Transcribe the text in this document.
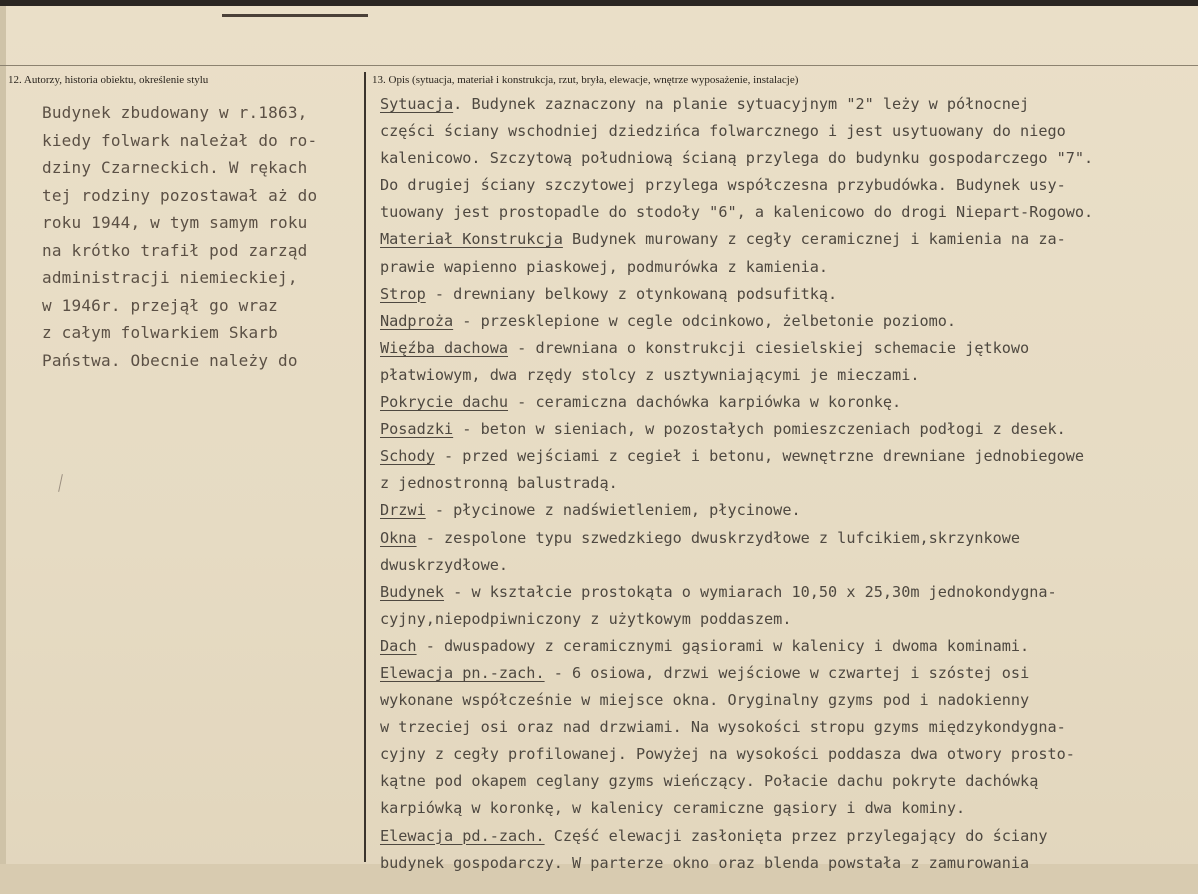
12. Autorzy, historia obiektu, określenie stylu	13. Opis (sytuacja, materiał i konstrukcja, rzut, bryła, elewacje, wnętrze wyposażenie, instalacje)
Budynek zbudowany w r.1863,
kiedy folwark należał do ro-
dziny Czarneckich. W rękach
tej rodziny pozostawał aż do
roku 1944, w tym samym roku
na krótko trafił pod zarząd
administracji niemieckiej,
w 1946r. przejął go wraz
z całym folwarkiem Skarb
Państwa. Obecnie należy do
Sytuacja. Budynek zaznaczony na planie sytuacyjnym "2" leży w północnej
części ściany wschodniej dziedzińca folwarcznego i jest usytuowany do niego
kalenicowo. Szczytową południową ścianą przylega do budynku gospodarczego "7".
Do drugiej ściany szczytowej przylega współczesna przybudówka. Budynek usy-
tuowany jest prostopadle do stodoły "6", a kalenicowo do drogi Niepart-Rogowo.
Materiał Konstrukcja Budynek murowany z cegły ceramicznej i kamienia na za-
prawie wapienno piaskowej, podmurówka z kamienia.
Strop - drewniany belkowy z otynkowaną podsufitką.
Nadproża - przesklepione w cegle odcinkowo, żelbetonie poziomo.
Więźba dachowa - drewniana o konstrukcji ciesielskiej schemacie jętkowo
płatwiowym, dwa rzędy stolcy z usztywniającymi je mieczami.
Pokrycie dachu - ceramiczna dachówka karpiówka w koronkę.
Posadzki - beton w sieniach, w pozostałych pomieszczeniach podłogi z desek.
Schody - przed wejściami z cegieł i betonu, wewnętrzne drewniane jednobiegowe
z jednostronną balustradą.
Drzwi - płycinowe z nadświetleniem, płycinowe.
Okna - zespolone typu szwedzkiego dwuskrzydłowe z lufcikiem,skrzynkowe
dwuskrzydłowe.
Budynek - w kształcie prostokąta o wymiarach 10,50 x 25,30m jednokondygna-
cyjny,niepodpiwniczony z użytkowym poddaszem.
Dach - dwuspadowy z ceramicznymi gąsiorami w kalenicy i dwoma kominami.
Elewacja pn.-zach. - 6 osiowa, drzwi wejściowe w czwartej i szóstej osi
wykonane współcześnie w miejsce okna. Oryginalny gzyms pod i nadokienny
w trzeciej osi oraz nad drzwiami. Na wysokości stropu gzyms międzykondygna-
cyjny z cegły profilowanej. Powyżej na wysokości poddasza dwa otwory prosto-
kątne pod okapem ceglany gzyms wieńczący. Połacie dachu pokryte dachówką
karpiówką w koronkę, w kalenicy ceramiczne gąsiory i dwa kominy.
Elewacja pd.-zach. Część elewacji zasłonięta przez przylegający do ściany
budynek gospodarczy. W parterze okno oraz blenda powstała z zamurowania
